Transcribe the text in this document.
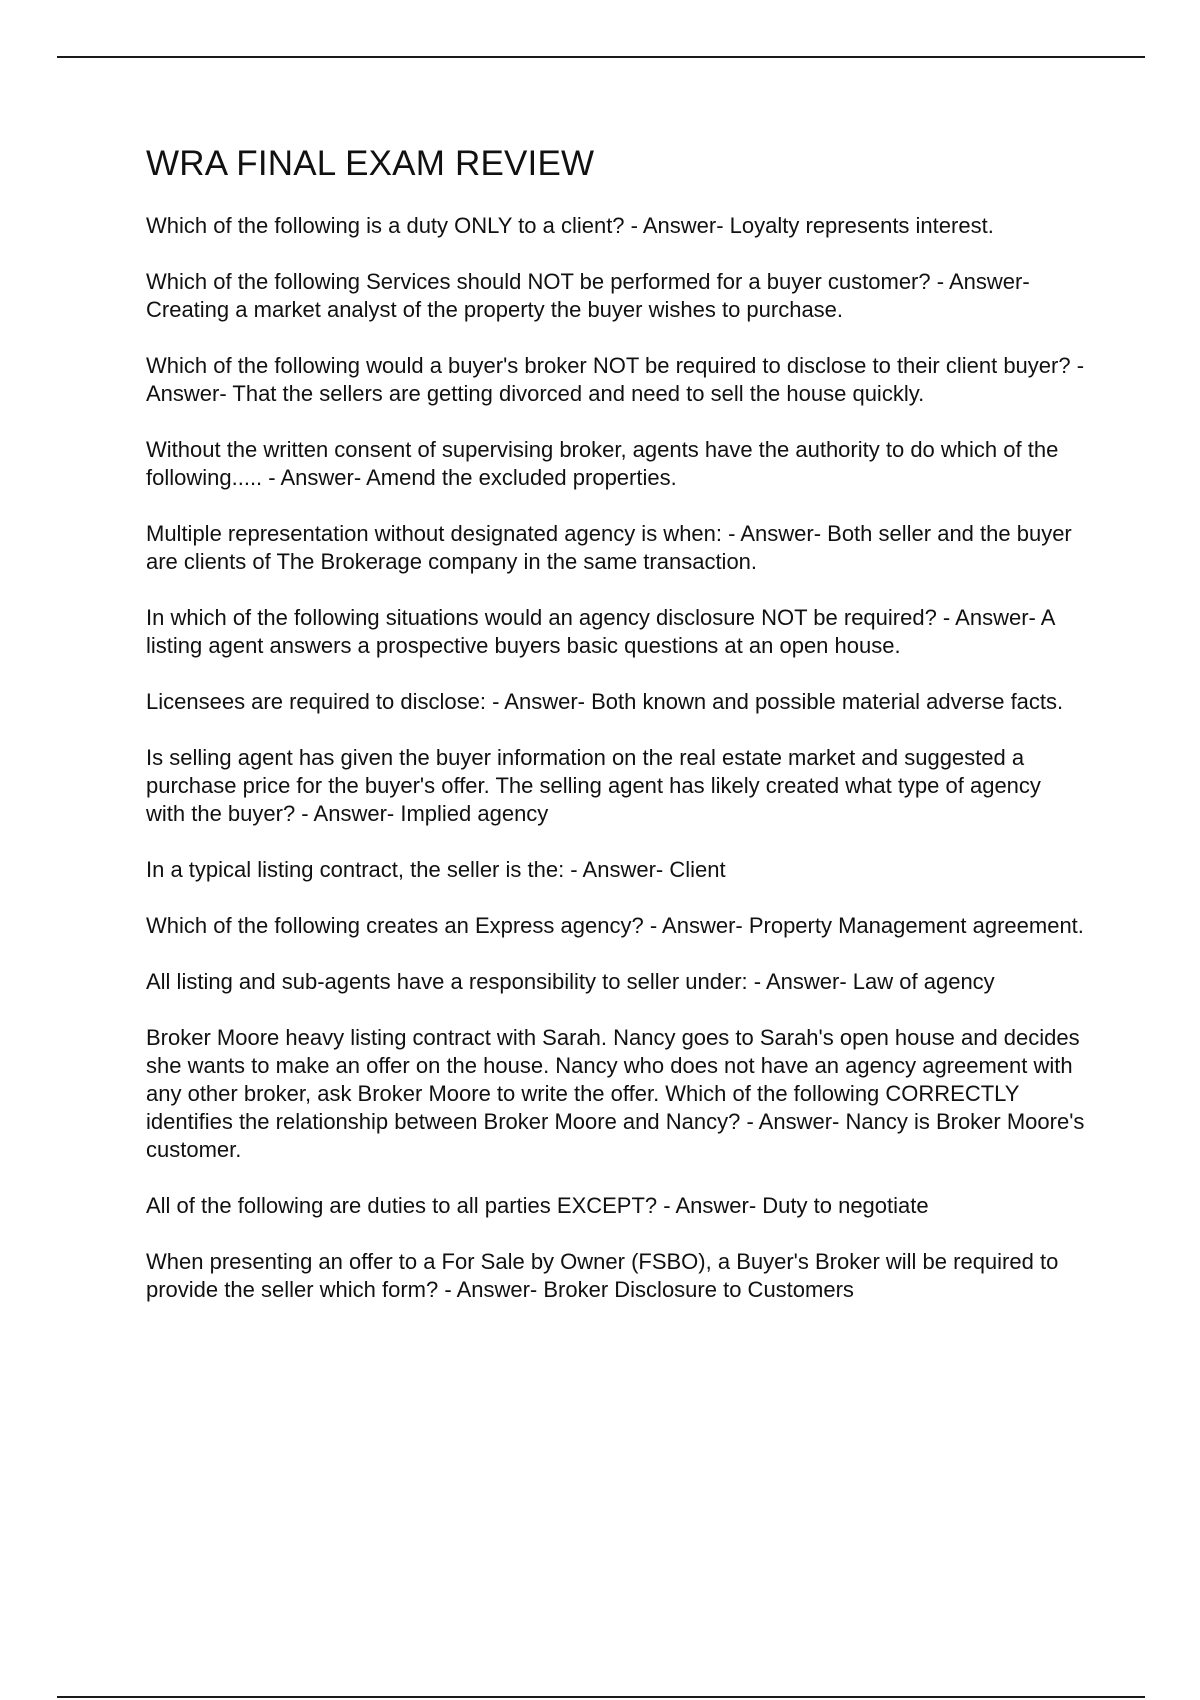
WRA FINAL EXAM REVIEW
Which of the following is a duty ONLY to a client? - Answer- Loyalty represents interest.
Which of the following Services should NOT be performed for a buyer customer? - Answer- Creating a market analyst of the property the buyer wishes to purchase.
Which of the following would a buyer's broker NOT be required to disclose to their client buyer? - Answer- That the sellers are getting divorced and need to sell the house quickly.
Without the written consent of supervising broker, agents have the authority to do which of the following..... - Answer- Amend the excluded properties.
Multiple representation without designated agency is when: - Answer- Both seller and the buyer are clients of The Brokerage company in the same transaction.
In which of the following situations would an agency disclosure NOT be required? - Answer- A listing agent answers a prospective buyers basic questions at an open house.
Licensees are required to disclose: - Answer- Both known and possible material adverse facts.
Is selling agent has given the buyer information on the real estate market and suggested a purchase price for the buyer's offer. The selling agent has likely created what type of agency with the buyer? - Answer- Implied agency
In a typical listing contract, the seller is the: - Answer- Client
Which of the following creates an Express agency? - Answer- Property Management agreement.
All listing and sub-agents have a responsibility to seller under: - Answer- Law of agency
Broker Moore heavy listing contract with Sarah. Nancy goes to Sarah's open house and decides she wants to make an offer on the house. Nancy who does not have an agency agreement with any other broker, ask Broker Moore to write the offer. Which of the following CORRECTLY identifies the relationship between Broker Moore and Nancy? - Answer- Nancy is Broker Moore's customer.
All of the following are duties to all parties EXCEPT? - Answer- Duty to negotiate
When presenting an offer to a For Sale by Owner (FSBO), a Buyer's Broker will be required to provide the seller which form? - Answer- Broker Disclosure to Customers
